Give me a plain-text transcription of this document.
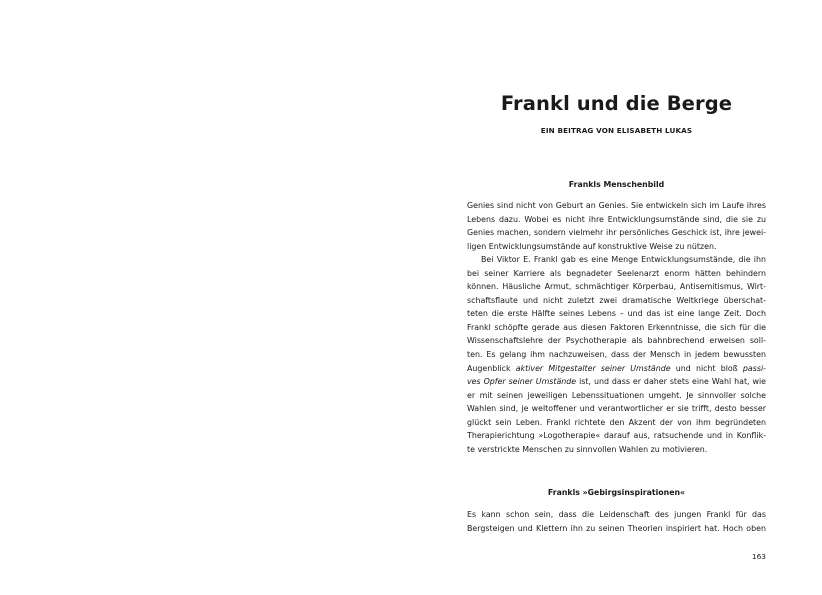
Frankl und die Berge

EIN BEITRAG VON ELISABETH LUKAS

Frankls Menschenbild
Genies sind nicht von Geburt an Genies. Sie entwickeln sich im Laufe ihres
Lebens dazu. Wobei es nicht ihre Entwicklungsumstände sind, die sie zu
Genies machen, sondern vielmehr ihr persönliches Geschick ist, ihre jewei-
ligen Entwicklungsumstände auf konstruktive Weise zu nützen.
Bei Viktor E. Frankl gab es eine Menge Entwicklungsumstände, die ihn
bei seiner Karriere als begnadeter Seelenarzt enorm hätten behindern
können. Häusliche Armut, schmächtiger Körperbau, Antisemitismus, Wirt-
schaftsflaute und nicht zuletzt zwei dramatische Weltkriege überschat-
teten die erste Hälfte seines Lebens – und das ist eine lange Zeit. Doch
Frankl schöpfte gerade aus diesen Faktoren Erkenntnisse, die sich für die
Wissenschaftslehre der Psychotherapie als bahnbrechend erweisen soll-
ten. Es gelang ihm nachzuweisen, dass der Mensch in jedem bewussten
Augenblick aktiver Mitgestalter seiner Umstände und nicht bloß passi-
ves Opfer seiner Umstände ist, und dass er daher stets eine Wahl hat, wie
er mit seinen jeweiligen Lebenssituationen umgeht. Je sinnvoller solche
Wahlen sind, je weltoffener und verantwortlicher er sie trifft, desto besser
glückt sein Leben. Frankl richtete den Akzent der von ihm begründeten
Therapierichtung »Logotherapie« darauf aus, ratsuchende und in Konflik-
te verstrickte Menschen zu sinnvollen Wahlen zu motivieren.
Frankls »Gebirgsinspirationen«
Es kann schon sein, dass die Leidenschaft des jungen Frankl für das
Bergsteigen und Klettern ihn zu seinen Theorien inspiriert hat. Hoch oben

163
